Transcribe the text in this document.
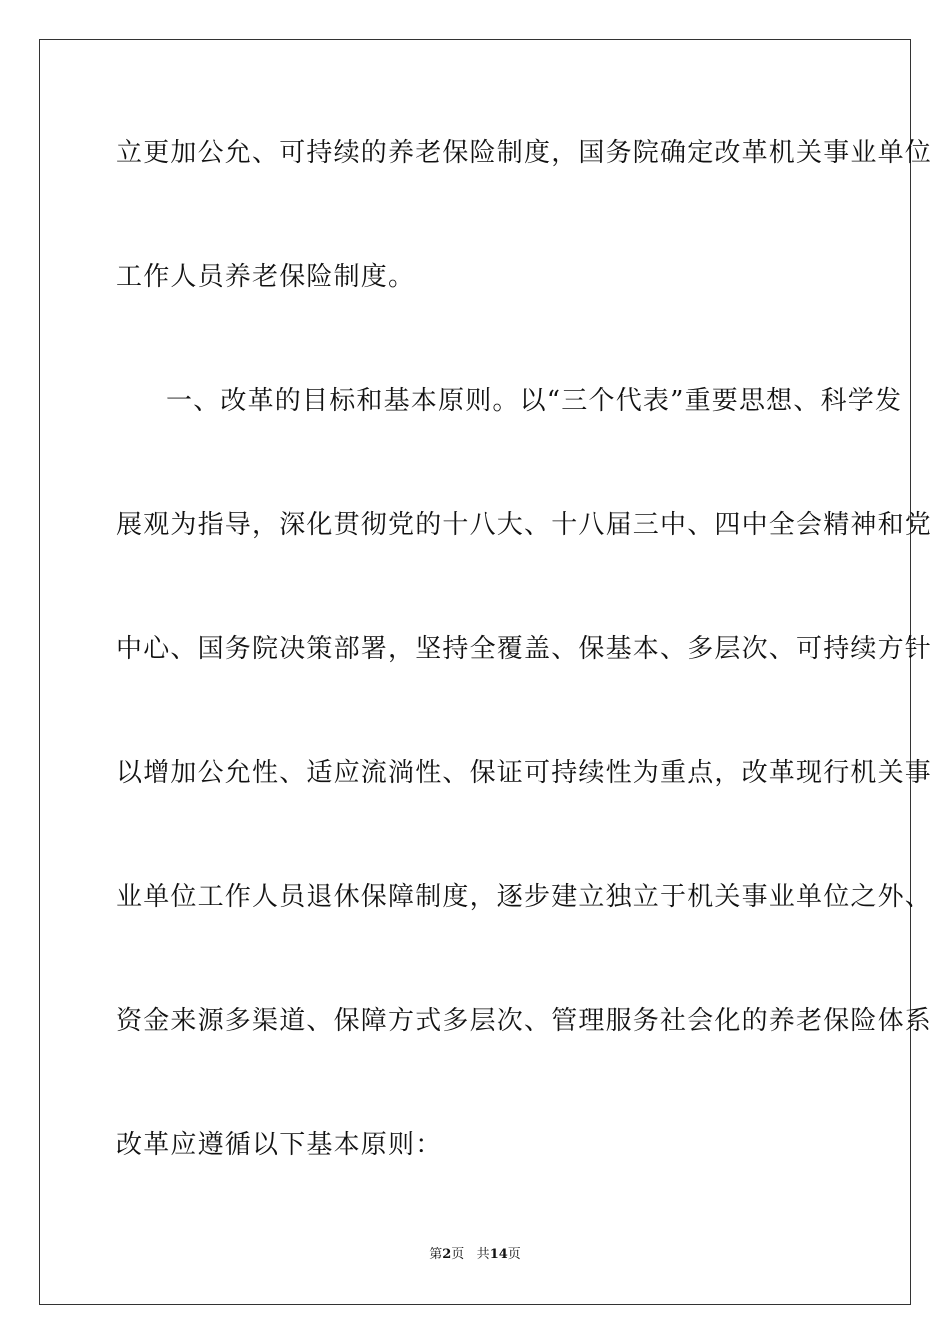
立更加公允、可持续的养老保险制度，国务院确定改革机关事业单位
工作人员养老保险制度。
一、改革的目标和基本原则。以“三个代表”重要思想、科学发
展观为指导，深化贯彻党的十八大、十八届三中、四中全会精神和党
中心、国务院决策部署，坚持全覆盖、保基本、多层次、可持续方针
以增加公允性、适应流淌性、保证可持续性为重点，改革现行机关事
业单位工作人员退休保障制度，逐步建立独立于机关事业单位之外、
资金来源多渠道、保障方式多层次、管理服务社会化的养老保险体系
改革应遵循以下基本原则：
第2页 共14页
